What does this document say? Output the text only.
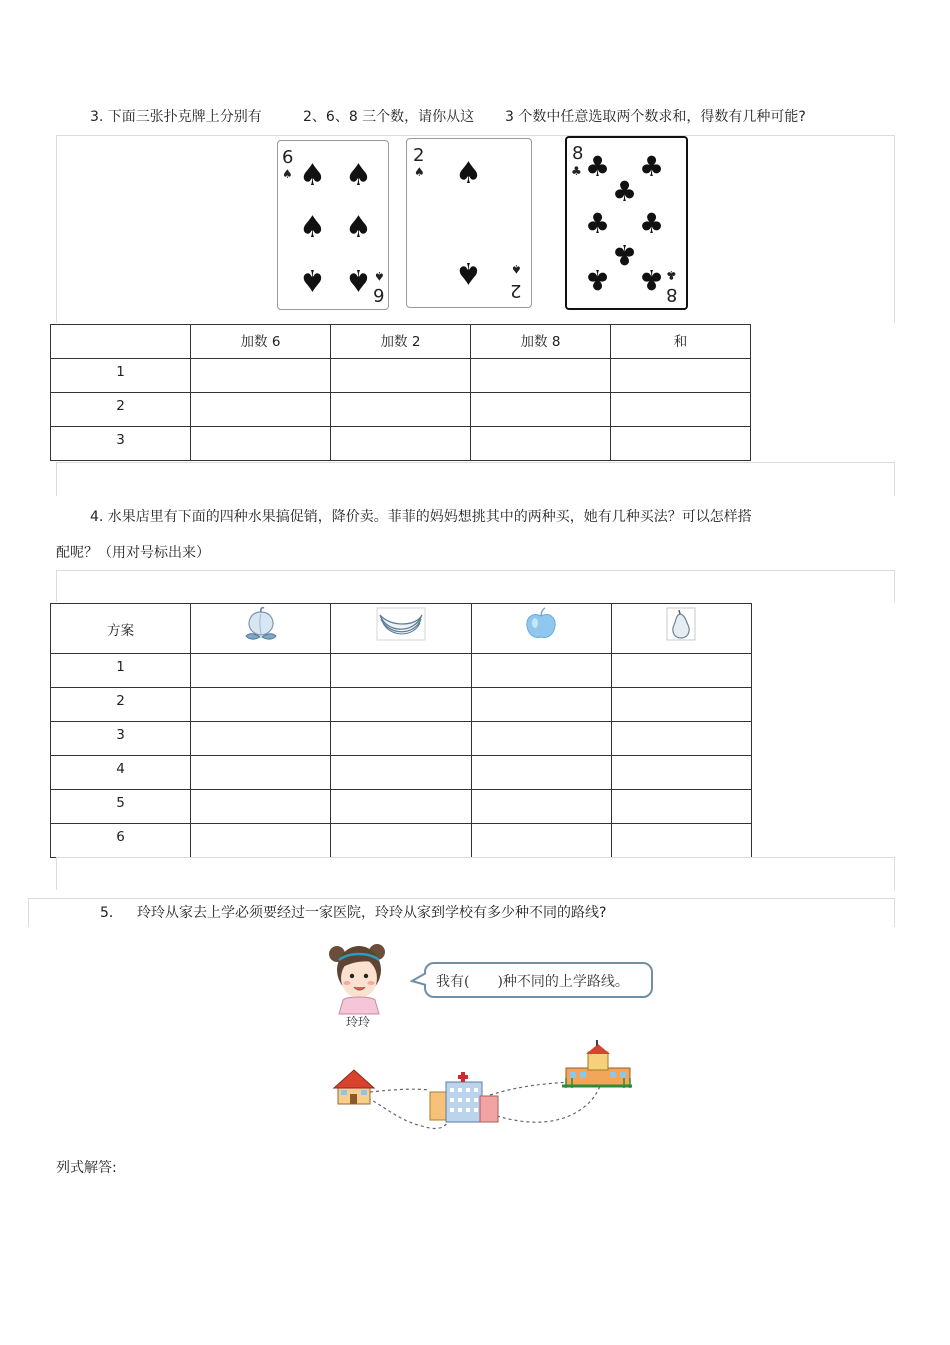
3. 下面三张扑克牌上分别有	2、6、8 三个数，请你从这 3 个数中任意选取两个数求和，得数有几种可能?
6
♠ ♠ ♠
♠ ♠
♠ ♠ ♠
6
2
♠ ♠
♠ ♠
2
8
♣ ♣ ♣
♣
♣ ♣
♣
♣ ♣ ♣
8
	加数 6	加数 2	加数 8	和
1				
2				
3				
4. 水果店里有下面的四种水果搞促销，降价卖。菲菲的妈妈想挑其中的两种买，她有几种买法？可以怎样搭
配呢？（用对号标出来）
方案				
1				
2				
3				
4				
5				
6				
5． 玲玲从家去上学必须要经过一家医院，玲玲从家到学校有多少种不同的路线?
玲玲
我有(　　)种不同的上学路线。
列式解答:
